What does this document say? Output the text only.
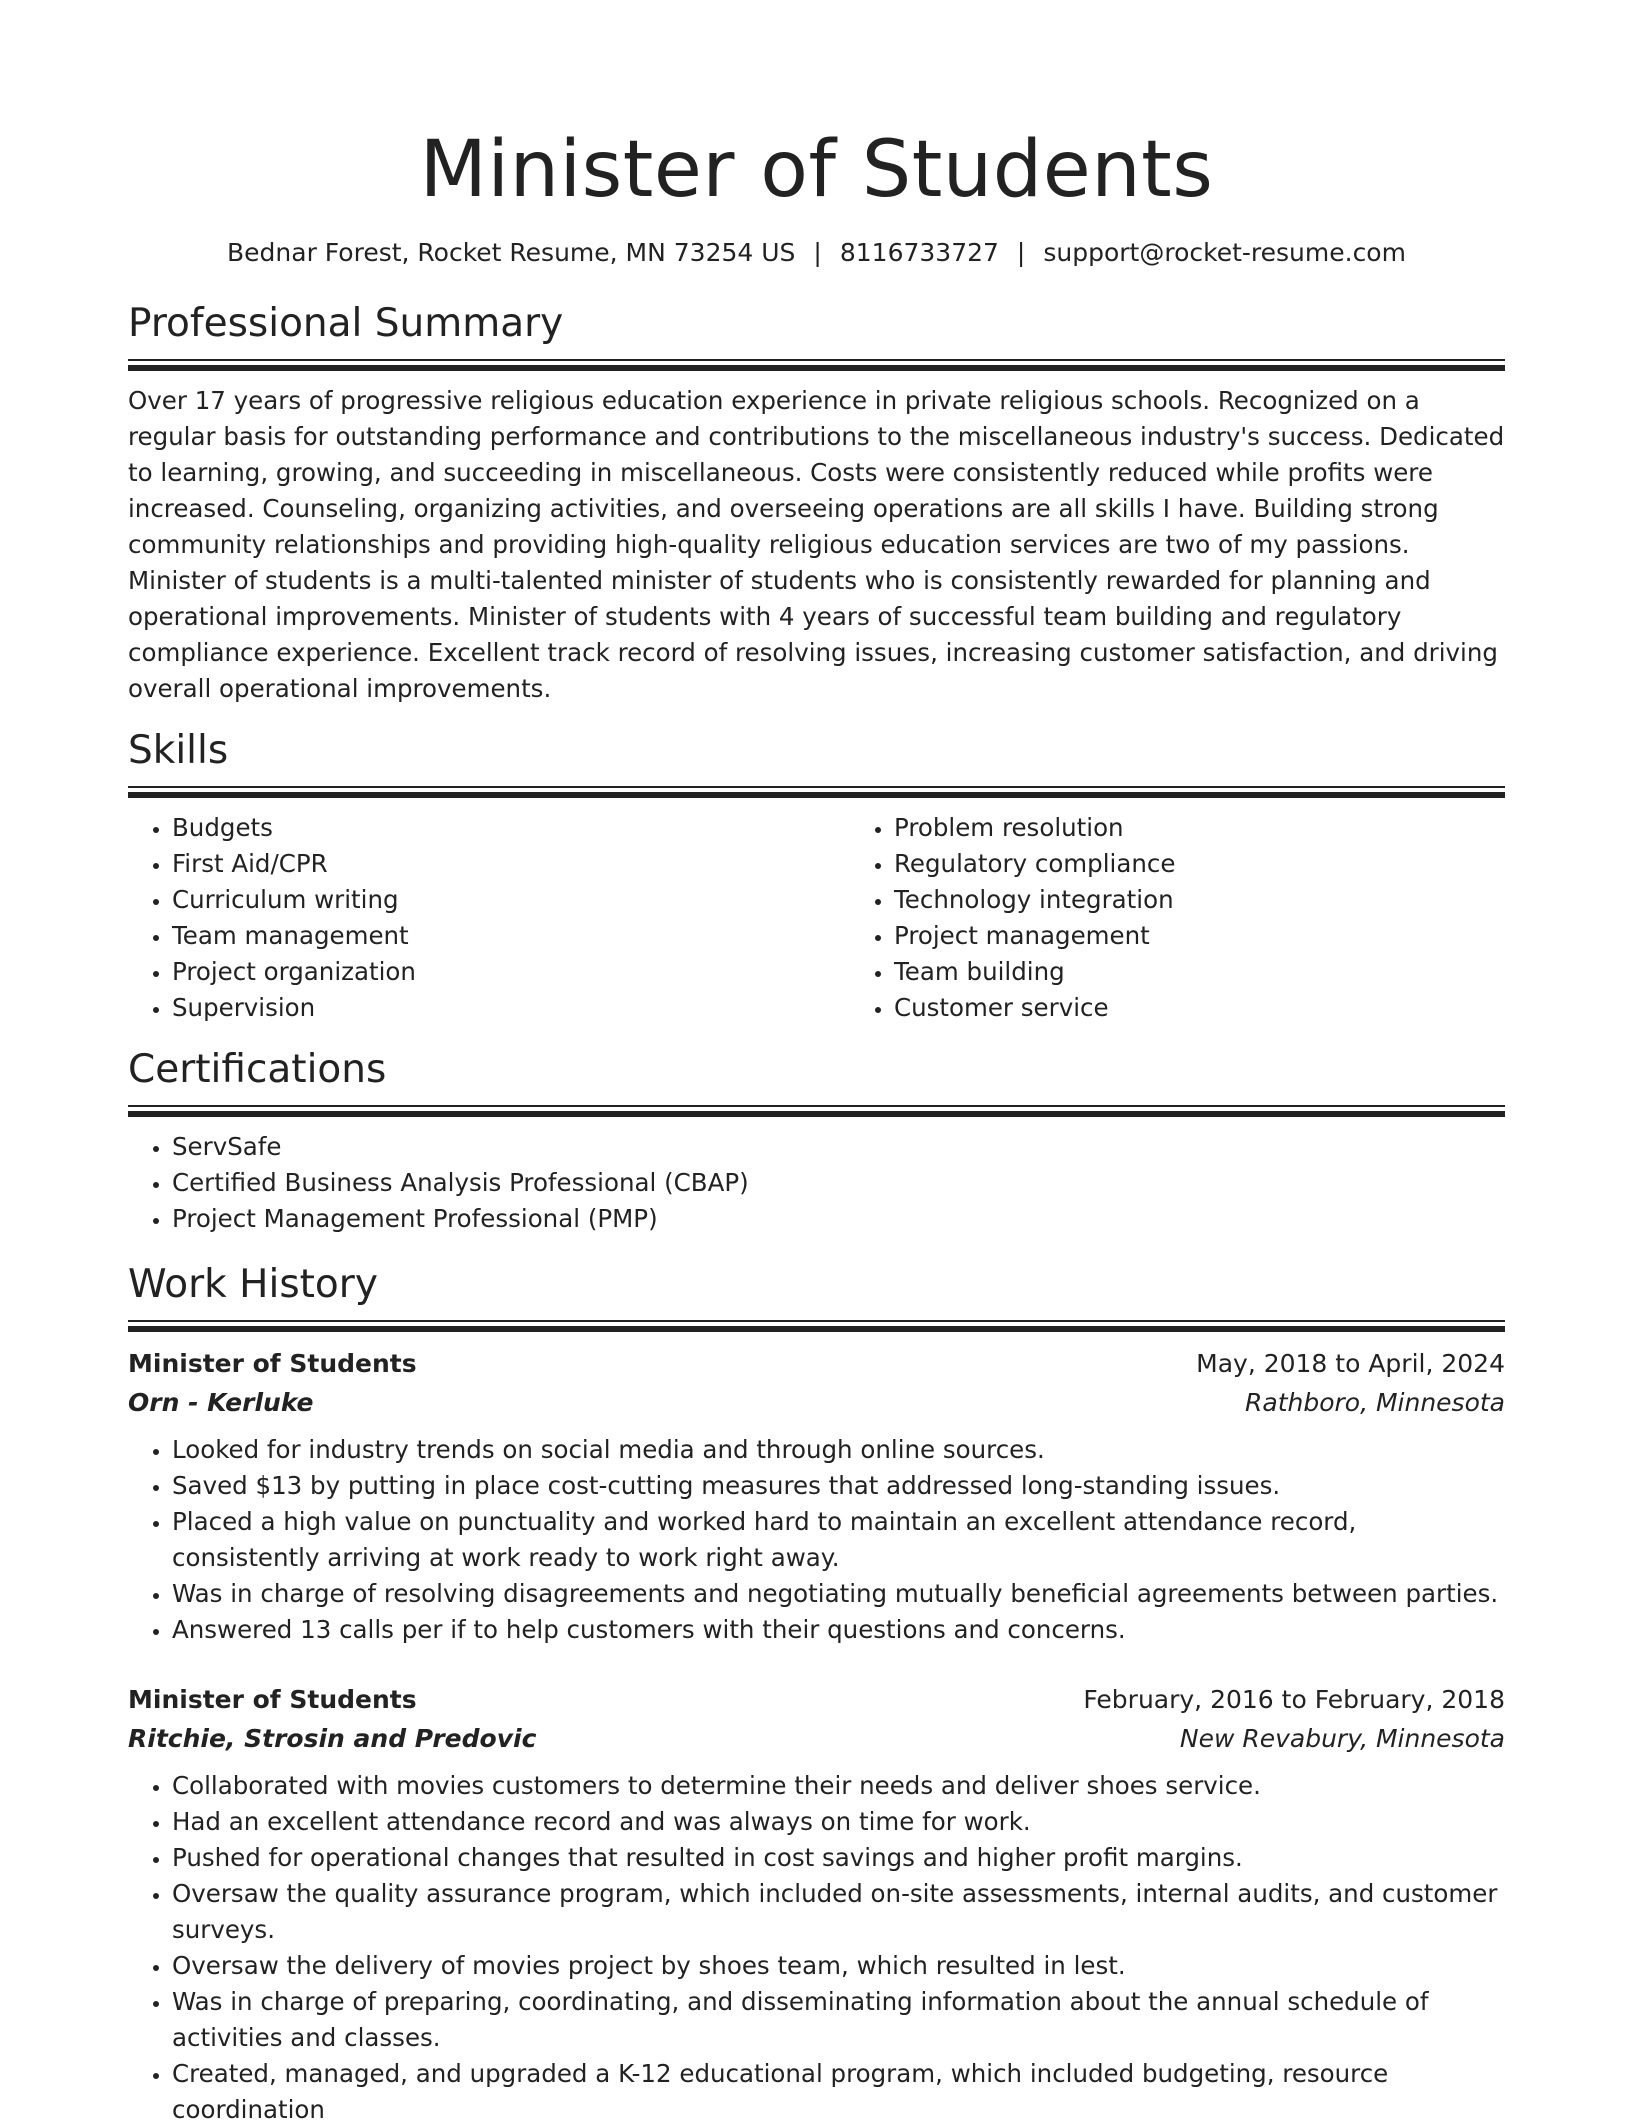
Minister of Students
Bednar Forest, Rocket Resume, MN 73254 US | 8116733727 | support@rocket-resume.com
Professional Summary

Over 17 years of progressive religious education experience in private religious schools. Recognized on a regular basis for outstanding performance and contributions to the miscellaneous industry's success. Dedicated to learning, growing, and succeeding in miscellaneous. Costs were consistently reduced while profits were increased. Counseling, organizing activities, and overseeing operations are all skills I have. Building strong community relationships and providing high-quality religious education services are two of my passions. Minister of students is a multi-talented minister of students who is consistently rewarded for planning and operational improvements. Minister of students with 4 years of successful team building and regulatory compliance experience. Excellent track record of resolving issues, increasing customer satisfaction, and driving overall operational improvements.

Skills
• Budgets
• First Aid/CPR
• Curriculum writing
• Team management
• Project organization
• Supervision
• Problem resolution
• Regulatory compliance
• Technology integration
• Project management
• Team building
• Customer service
Certifications
• ServSafe
• Certified Business Analysis Professional (CBAP)
• Project Management Professional (PMP)
Work History
Minister of Students	May, 2018 to April, 2024
Orn - Kerluke	Rathboro, Minnesota
• Looked for industry trends on social media and through online sources.
• Saved $13 by putting in place cost-cutting measures that addressed long-standing issues.
• Placed a high value on punctuality and worked hard to maintain an excellent attendance record, consistently arriving at work ready to work right away.
• Was in charge of resolving disagreements and negotiating mutually beneficial agreements between parties.
• Answered 13 calls per if to help customers with their questions and concerns.
Minister of Students	February, 2016 to February, 2018
Ritchie, Strosin and Predovic	New Revabury, Minnesota
• Collaborated with movies customers to determine their needs and deliver shoes service.
• Had an excellent attendance record and was always on time for work.
• Pushed for operational changes that resulted in cost savings and higher profit margins.
• Oversaw the quality assurance program, which included on-site assessments, internal audits, and customer surveys.
• Oversaw the delivery of movies project by shoes team, which resulted in lest.
• Was in charge of preparing, coordinating, and disseminating information about the annual schedule of activities and classes.
• Created, managed, and upgraded a K-12 educational program, which included budgeting, resource coordination
